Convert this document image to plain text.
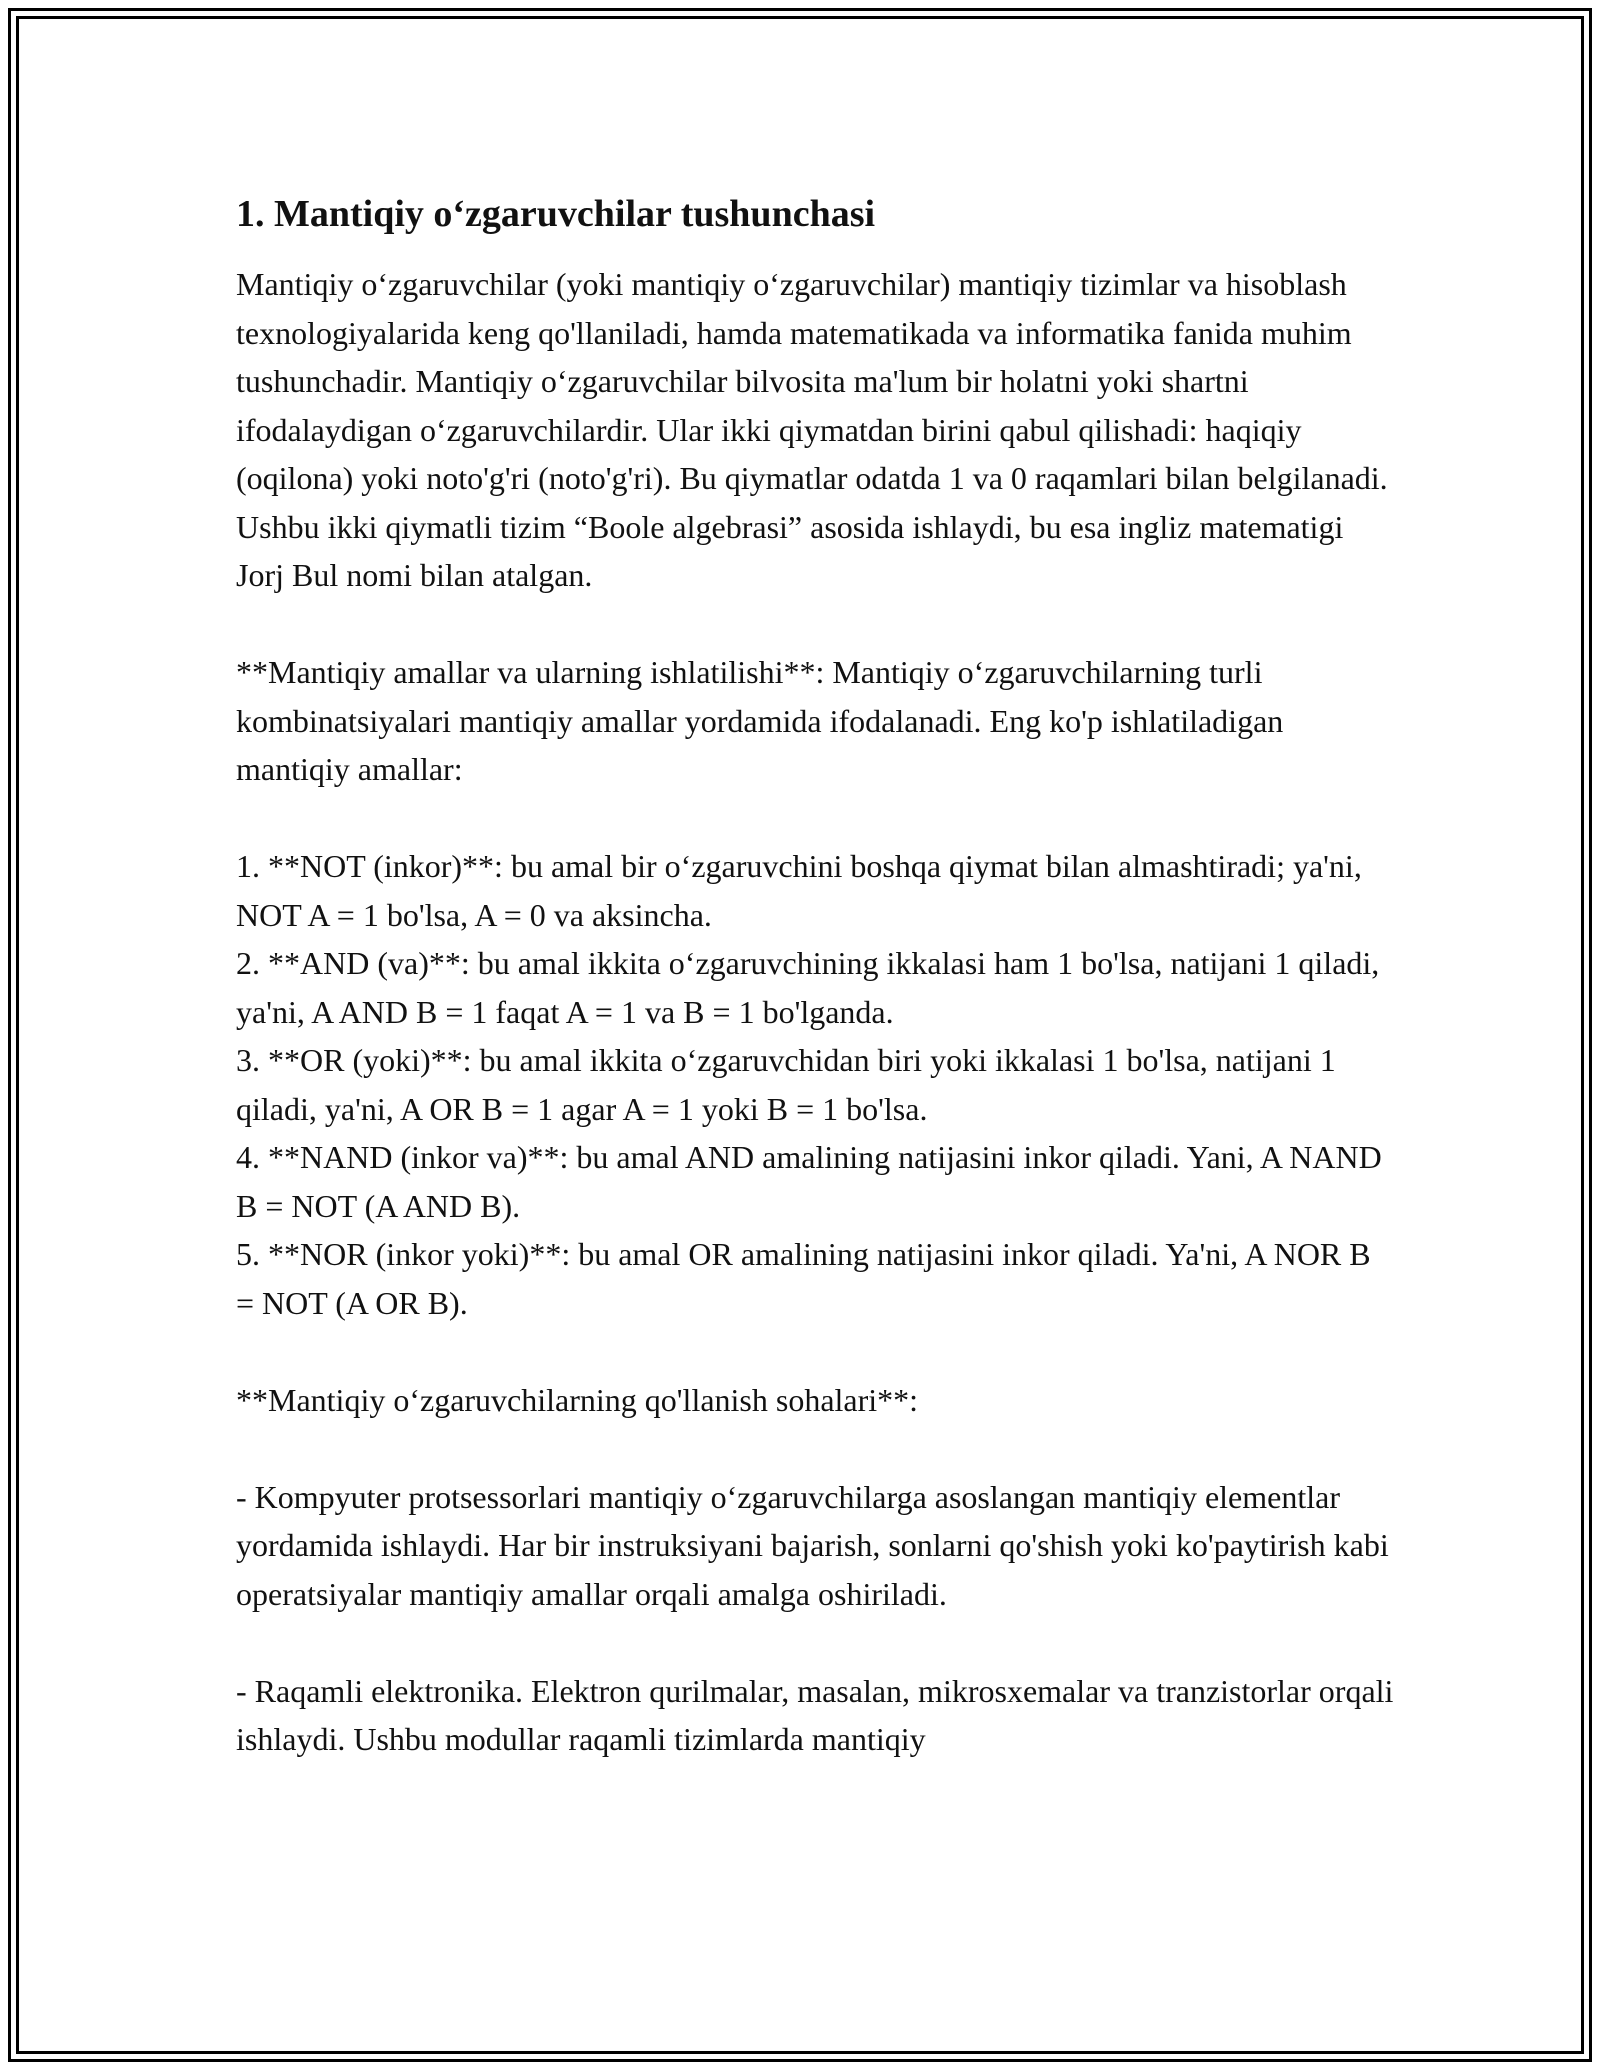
1. Mantiqiy o‘zgaruvchilar tushunchasi

Mantiqiy o‘zgaruvchilar (yoki mantiqiy o‘zgaruvchilar) mantiqiy tizimlar va hisoblash texnologiyalarida keng qo'llaniladi, hamda matematikada va informatika fanida muhim tushunchadir. Mantiqiy o‘zgaruvchilar bilvosita ma'lum bir holatni yoki shartni ifodalaydigan o‘zgaruvchilardir. Ular ikki qiymatdan birini qabul qilishadi: haqiqiy (oqilona) yoki noto'g'ri (noto'g'ri). Bu qiymatlar odatda 1 va 0 raqamlari bilan belgilanadi. Ushbu ikki qiymatli tizim “Boole algebrasi” asosida ishlaydi, bu esa ingliz matematigi Jorj Bul nomi bilan atalgan.

**Mantiqiy amallar va ularning ishlatilishi**: Mantiqiy o‘zgaruvchilarning turli kombinatsiyalari mantiqiy amallar yordamida ifodalanadi. Eng ko'p ishlatiladigan mantiqiy amallar:

1. **NOT (inkor)**: bu amal bir o‘zgaruvchini boshqa qiymat bilan almashtiradi; ya'ni, NOT A = 1 bo'lsa, A = 0 va aksincha.
2. **AND (va)**: bu amal ikkita o‘zgaruvchining ikkalasi ham 1 bo'lsa, natijani 1 qiladi, ya'ni, A AND B = 1 faqat A = 1 va B = 1 bo'lganda.
3. **OR (yoki)**: bu amal ikkita o‘zgaruvchidan biri yoki ikkalasi 1 bo'lsa, natijani 1 qiladi, ya'ni, A OR B = 1 agar A = 1 yoki B = 1 bo'lsa.
4. **NAND (inkor va)**: bu amal AND amalining natijasini inkor qiladi. Yani, A NAND B = NOT (A AND B).
5. **NOR (inkor yoki)**: bu amal OR amalining natijasini inkor qiladi. Ya'ni, A NOR B = NOT (A OR B).

**Mantiqiy o‘zgaruvchilarning qo'llanish sohalari**:

- Kompyuter protsessorlari mantiqiy o‘zgaruvchilarga asoslangan mantiqiy elementlar yordamida ishlaydi. Har bir instruksiyani bajarish, sonlarni qo'shish yoki ko'paytirish kabi operatsiyalar mantiqiy amallar orqali amalga oshiriladi.

- Raqamli elektronika. Elektron qurilmalar, masalan, mikrosxemalar va tranzistorlar orqali ishlaydi. Ushbu modullar raqamli tizimlarda mantiqiy
